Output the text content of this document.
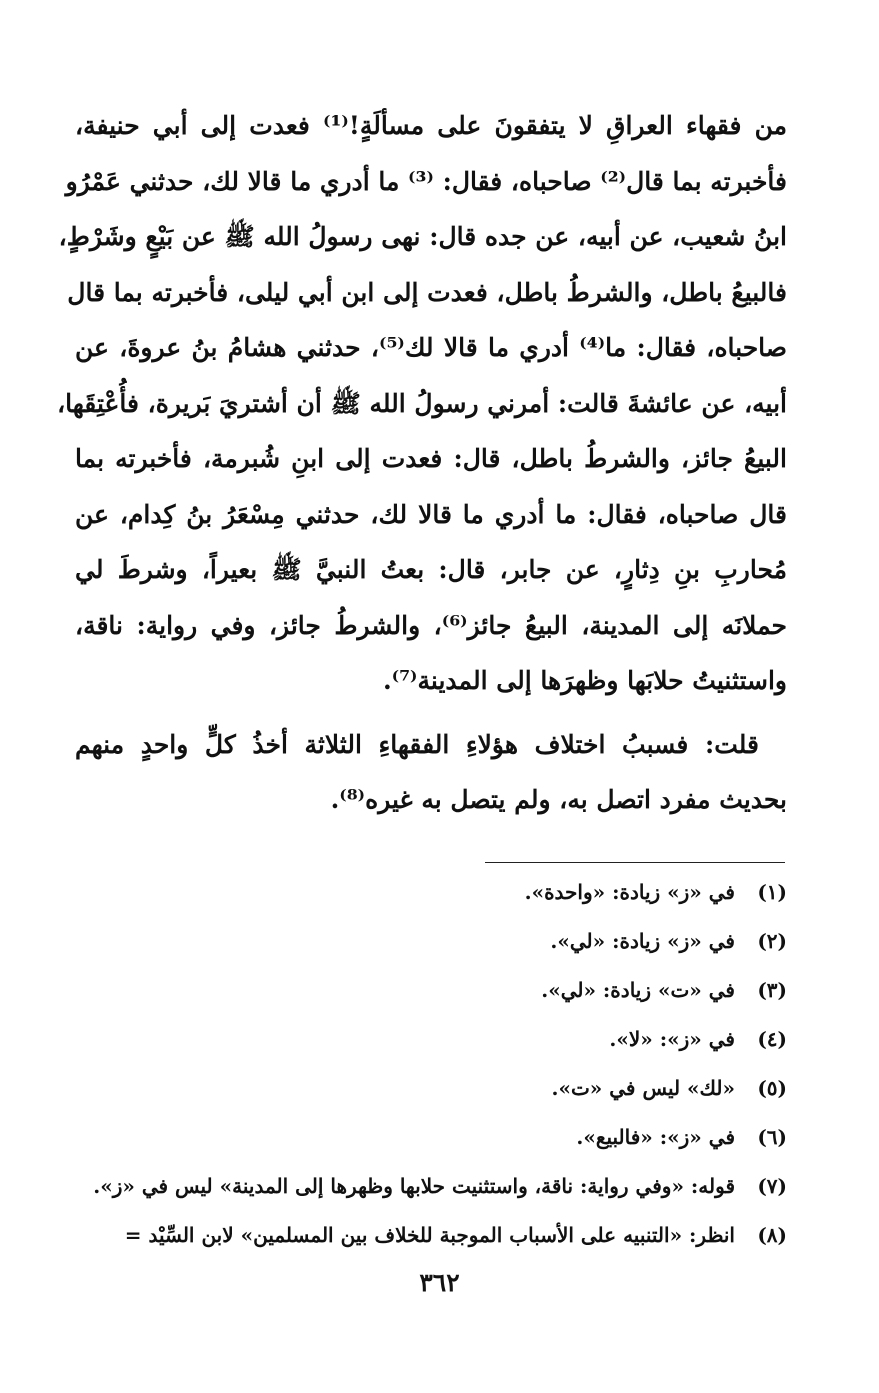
من فقهاء العراقِ لا يتفقونَ على مسألَةٍ!⁽¹⁾ فعدت إلى أبي حنيفة،
فأخبرته بما قال⁽²⁾ صاحباه، فقال: ⁽³⁾ ما أدري ما قالا لك، حدثني عَمْرُو
ابنُ شعيب، عن أبيه، عن جده قال: نهى رسولُ الله ﷺ عن بَيْعٍ وشَرْطٍ،
فالبيعُ باطل، والشرطُ باطل، فعدت إلى ابن أبي ليلى، فأخبرته بما قال
صاحباه، فقال: ما⁽⁴⁾ أدري ما قالا لك⁽⁵⁾، حدثني هشامُ بنُ عروةَ، عن
أبيه، عن عائشةَ قالت: أمرني رسولُ الله ﷺ أن أشتريَ بَريرة، فأُعْتِقَها،
البيعُ جائز، والشرطُ باطل، قال: فعدت إلى ابنِ شُبرمة، فأخبرته بما
قال صاحباه، فقال: ما أدري ما قالا لك، حدثني مِسْعَرُ بنُ كِدام، عن
مُحاربِ بنِ دِثارٍ، عن جابر، قال: بعتُ النبيَّ ﷺ بعيراً، وشرطَ لي
حملانَه إلى المدينة، البيعُ جائز⁽⁶⁾، والشرطُ جائز، وفي رواية: ناقة،
واستثنيتُ حلابَها وظهرَها إلى المدينة⁽⁷⁾.
قلت: فسببُ اختلاف هؤلاءِ الفقهاءِ الثلاثة أخذُ كلٍّ واحدٍ منهم
بحديث مفرد اتصل به، ولم يتصل به غيره⁽⁸⁾.
(١)
في «ز» زيادة: «واحدة».
(٢)
في «ز» زيادة: «لي».
(٣)
في «ت» زيادة: «لي».
(٤)
في «ز»: «لا».
(٥)
«لك» ليس في «ت».
(٦)
في «ز»: «فالبيع».
(٧)
قوله: «وفي رواية: ناقة، واستثنيت حلابها وظهرها إلى المدينة» ليس في «ز».
(٨)
انظر: «التنبيه على الأسباب الموجبة للخلاف بين المسلمين» لابن السِّيْد =
٣٦٢
